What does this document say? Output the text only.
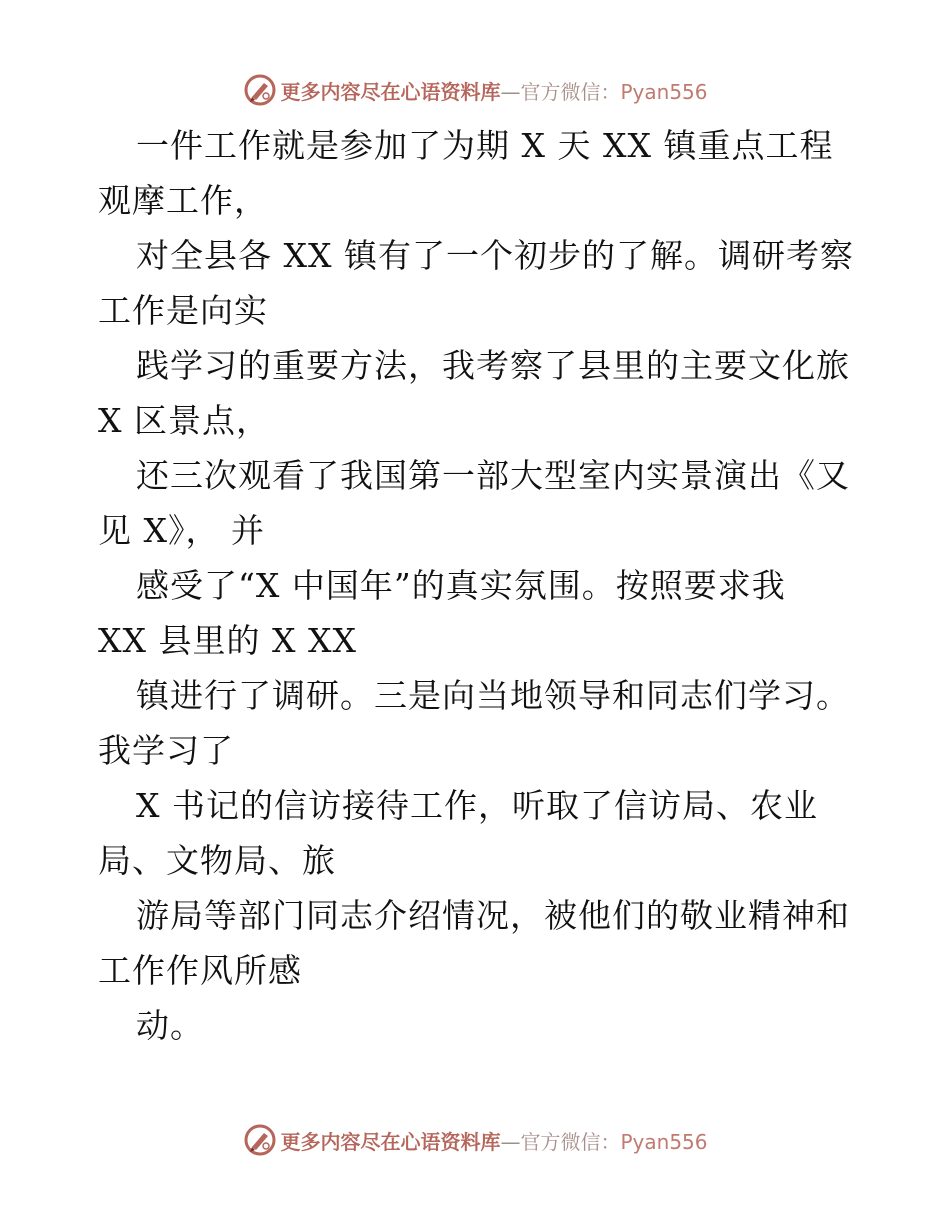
更多内容尽在心语资料库—官方微信：Pyan556
一件工作就是参加了为期 X 天 XX 镇重点工程
观摩工作，
对全县各 XX 镇有了一个初步的了解。调研考察
工作是向实
践学习的重要方法，我考察了县里的主要文化旅
X 区景点，
还三次观看了我国第一部大型室内实景演出《又
见 X》， 并
感受了“X 中国年”的真实氛围。按照要求我
XX 县里的 X XX
镇进行了调研。三是向当地领导和同志们学习。
我学习了
X 书记的信访接待工作，听取了信访局、农业
局、文物局、旅
游局等部门同志介绍情况，被他们的敬业精神和
工作作风所感
动。
更多内容尽在心语资料库—官方微信：Pyan556
